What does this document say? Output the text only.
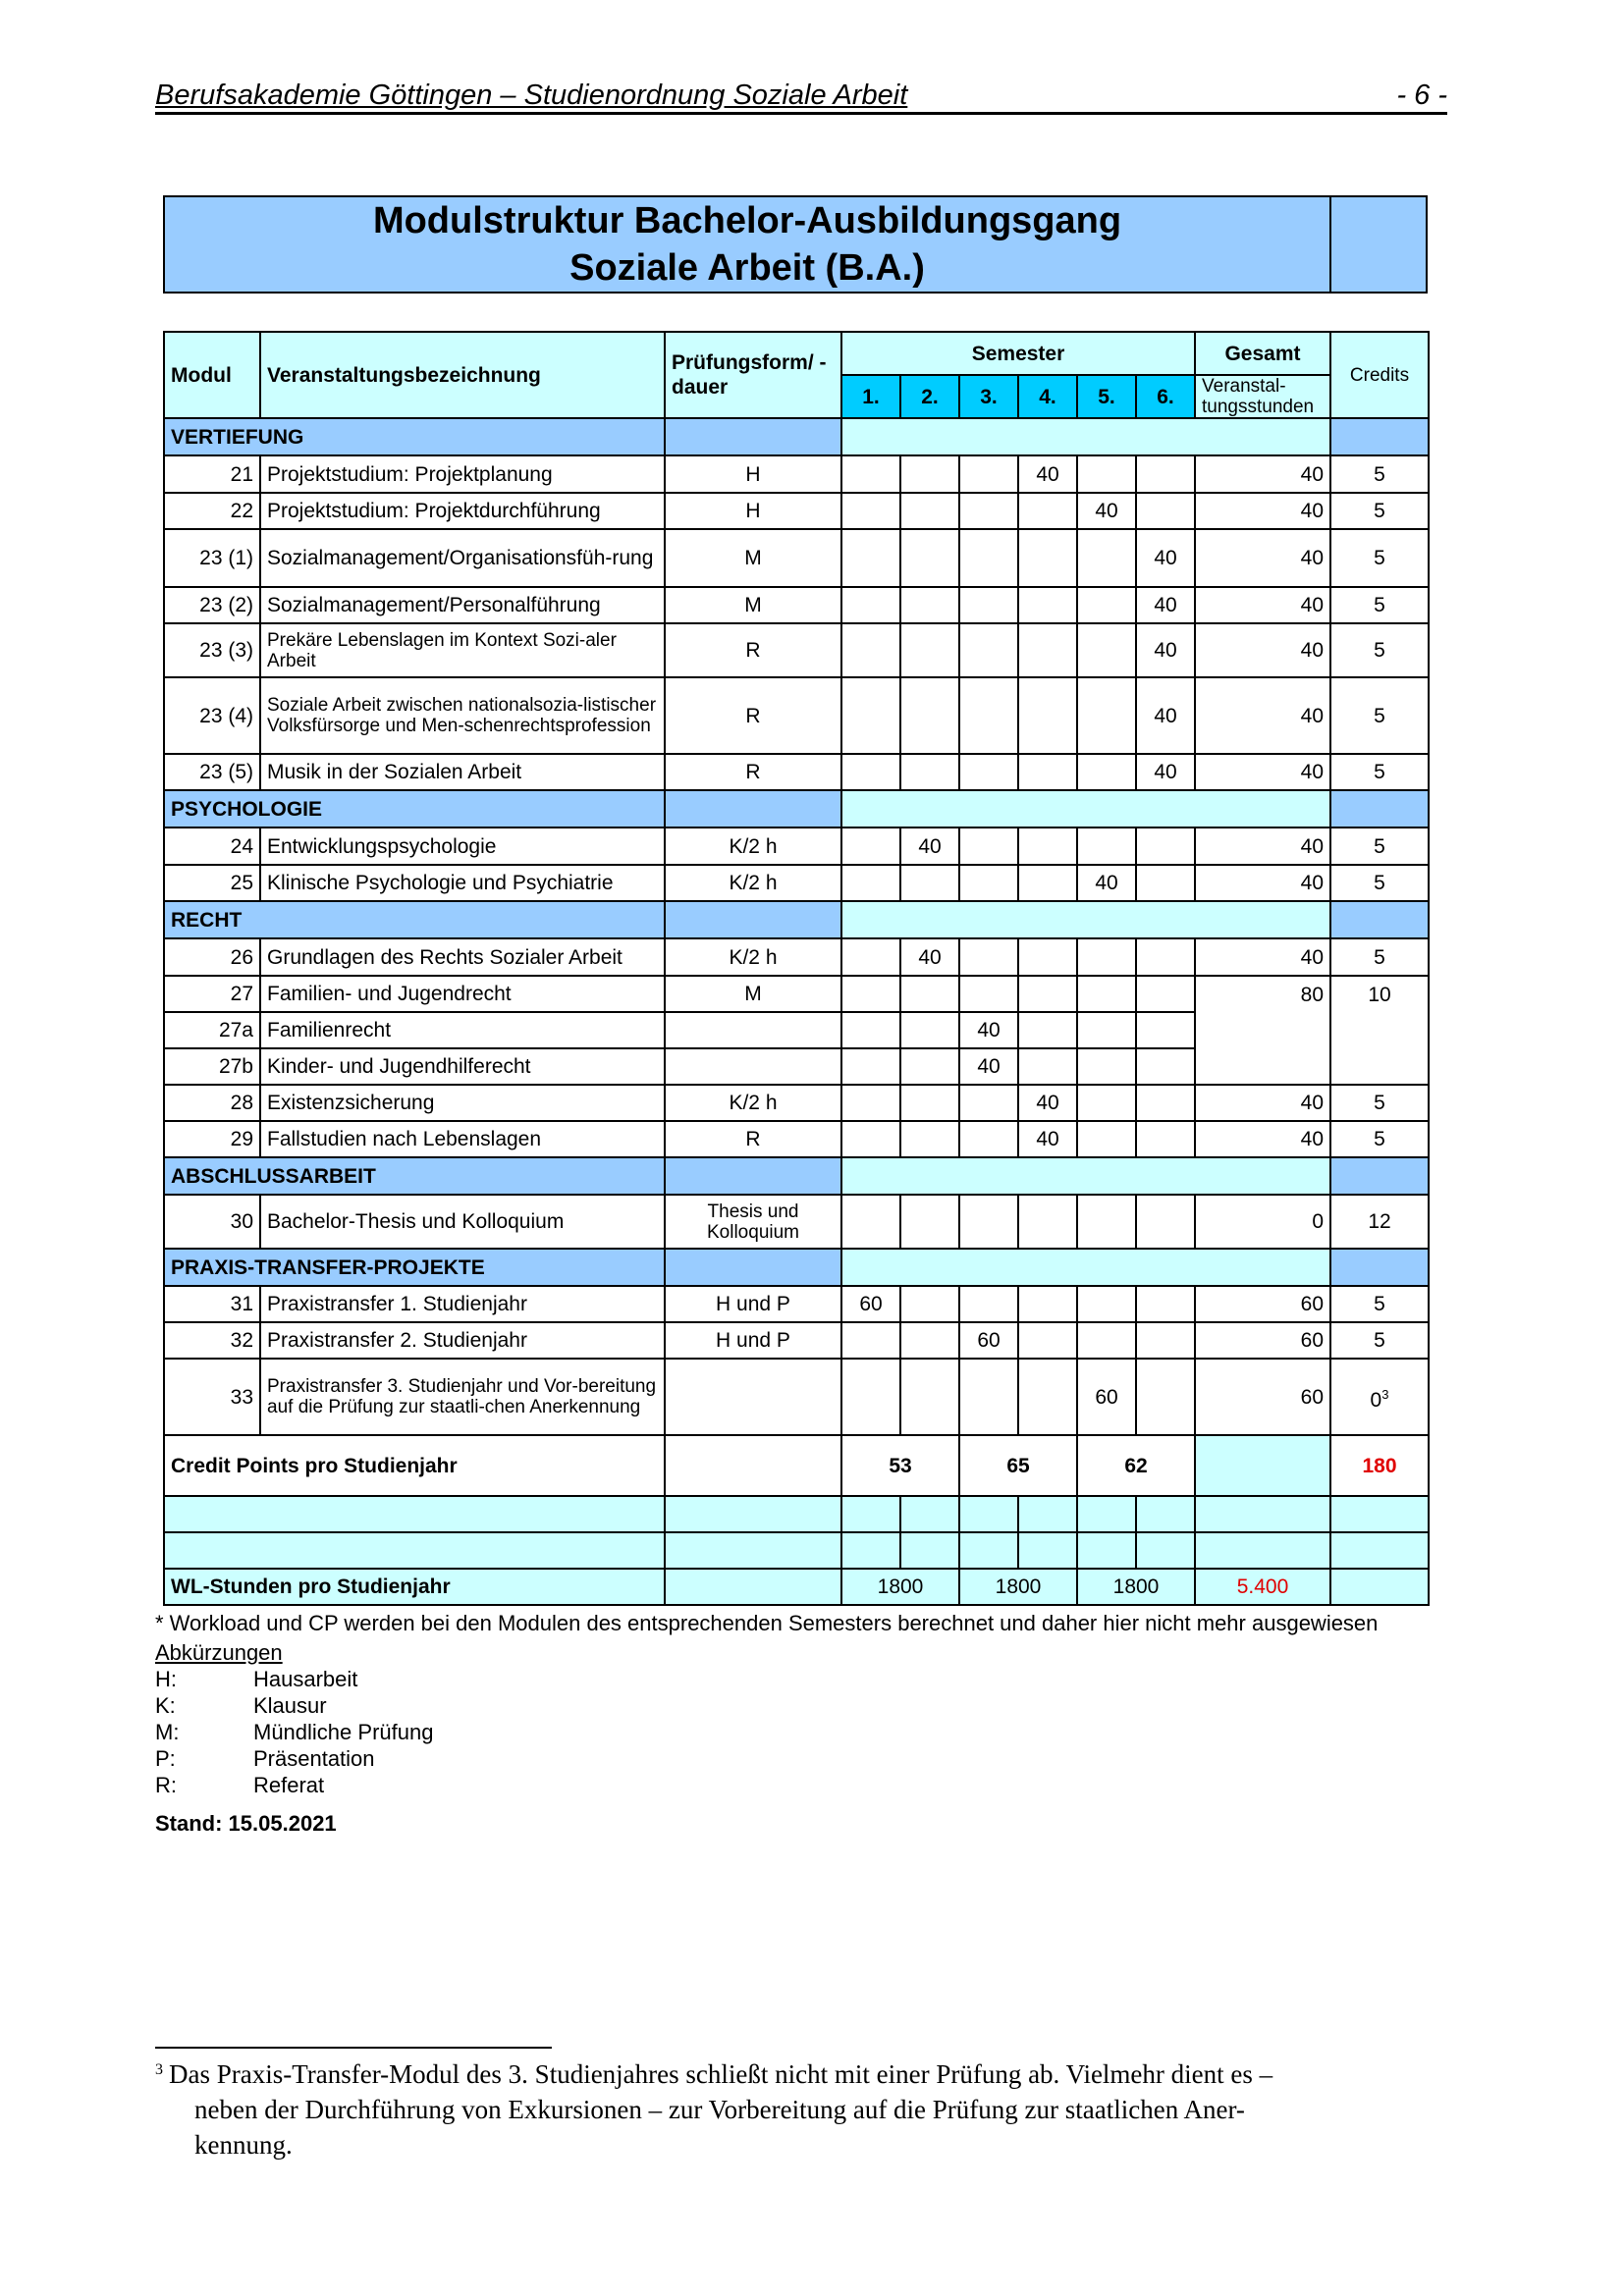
Berufsakademie Göttingen – Studienordnung Soziale Arbeit	- 6 -
Modulstruktur Bachelor-Ausbildungsgang
Soziale Arbeit (B.A.)
Modul	Veranstaltungsbezeichnung	Prüfungsform/ - dauer	Semester						Gesamt	Credits
			1.	2.	3.	4.	5.	6.	Veranstal-tungsstunden	
VERTIEFUNG										
21	Projektstudium: Projektplanung	H				40			40	5
22	Projektstudium: Projektdurchführung	H					40		40	5
23 (1)	Sozialmanagement/Organisationsfüh-rung	M						40	40	5
23 (2)	Sozialmanagement/Personalführung	M						40	40	5
23 (3)	Prekäre Lebenslagen im Kontext Sozi-aler Arbeit	R						40	40	5
23 (4)	Soziale Arbeit zwischen nationalsozia-listischer Volksfürsorge und Men-schenrechtsprofession	R						40	40	5
23 (5)	Musik in der Sozialen Arbeit	R						40	40	5
PSYCHOLOGIE										
24	Entwicklungspsychologie	K/2 h		40					40	5
25	Klinische Psychologie und Psychiatrie	K/2 h					40		40	5
RECHT										
26	Grundlagen des Rechts Sozialer Arbeit	K/2 h		40					40	5
27	Familien- und Jugendrecht	M							80	10
27a	Familienrecht				40					
27b	Kinder- und Jugendhilferecht				40					
28	Existenzsicherung	K/2 h				40			40	5
29	Fallstudien nach Lebenslagen	R				40			40	5
ABSCHLUSSARBEIT										
30	Bachelor-Thesis und Kolloquium	Thesis und Kolloquium							0	12
PRAXIS-TRANSFER-PROJEKTE										
31	Praxistransfer 1. Studienjahr	H und P	60						60	5
32	Praxistransfer 2. Studienjahr	H und P			60				60	5
33	Praxistransfer 3. Studienjahr und Vor-bereitung auf die Prüfung zur staatli-chen Anerkennung						60		60	$0^3$
Credit Points pro Studienjahr			53		65		62			180

WL-Stunden pro Studienjahr			1800		1800		1800		5.400	
* Workload und CP werden bei den Modulen des entsprechenden Semesters berechnet und daher hier nicht mehr ausgewiesen
Abkürzungen
H:	Hausarbeit
K:	Klausur
M:	Mündliche Prüfung
P:	Präsentation
R:	Referat
Stand: 15.05.2021
$^3$ Das Praxis-Transfer-Modul des 3. Studienjahres schließt nicht mit einer Prüfung ab. Vielmehr dient es –
neben der Durchführung von Exkursionen – zur Vorbereitung auf die Prüfung zur staatlichen Aner-
kennung.
